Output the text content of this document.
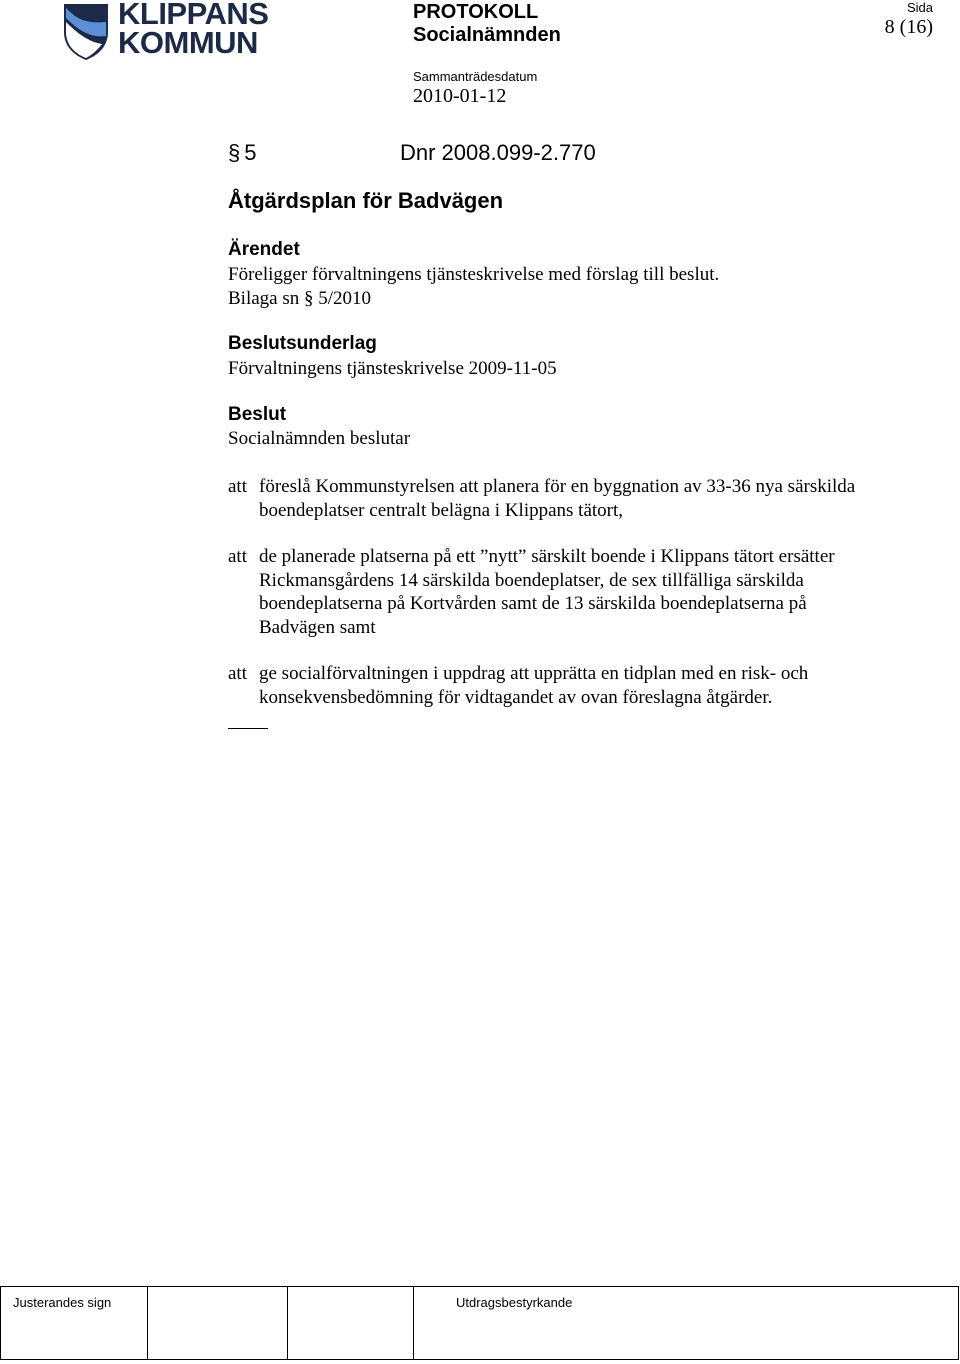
KLIPPANS
KOMMUN
PROTOKOLL
Socialnämnden
Sammanträdesdatum
2010-01-12
Sida
8 (16)
§ 5	Dnr 2008.099-2.770
Åtgärdsplan för Badvägen
Ärendet
Föreligger förvaltningens tjänsteskrivelse med förslag till beslut.
Bilaga sn § 5/2010
Beslutsunderlag
Förvaltningens tjänsteskrivelse 2009-11-05
Beslut
Socialnämnden beslutar
att föreslå Kommunstyrelsen att planera för en byggnation av 33-36 nya särskilda
boendeplatser centralt belägna i Klippans tätort,
att de planerade platserna på ett ”nytt” särskilt boende i Klippans tätort ersätter
Rickmansgårdens 14 särskilda boendeplatser, de sex tillfälliga särskilda
boendeplatserna på Kortvården samt de 13 särskilda boendeplatserna på
Badvägen samt
att ge socialförvaltningen i uppdrag att upprätta en tidplan med en risk- och
konsekvensbedömning för vidtagandet av ovan föreslagna åtgärder.
Justerandes sign	Utdragsbestyrkande
